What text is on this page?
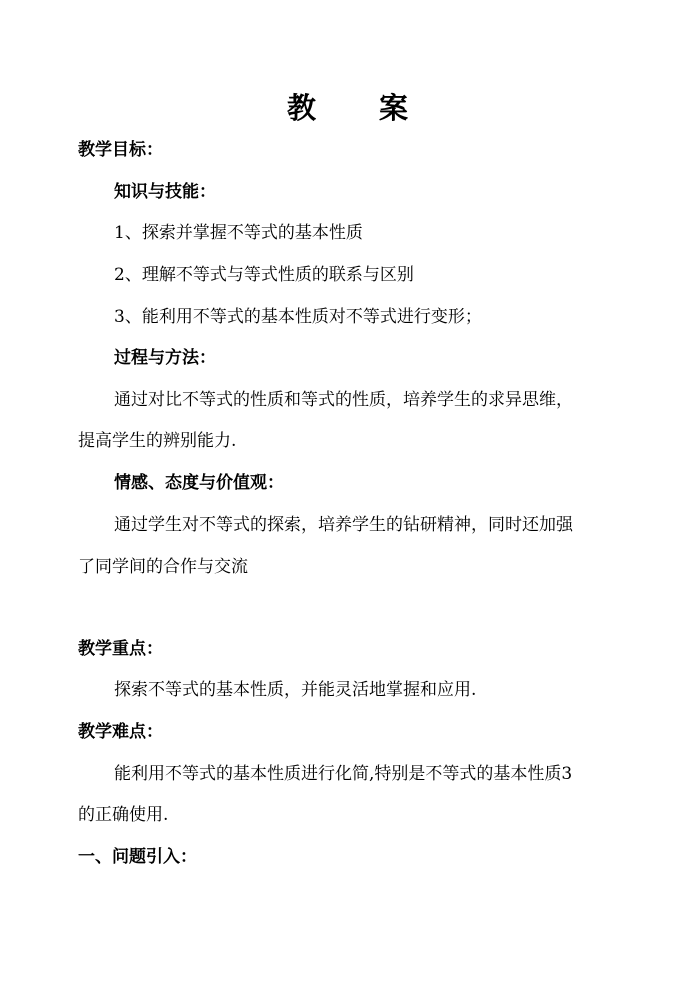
教 案
教学目标：
知识与技能：
1、探索并掌握不等式的基本性质
2、理解不等式与等式性质的联系与区别
3、能利用不等式的基本性质对不等式进行变形；
过程与方法：
通过对比不等式的性质和等式的性质，培养学生的求异思维，
提高学生的辨别能力.
情感、态度与价值观：
通过学生对不等式的探索，培养学生的钻研精神，同时还加强
了同学间的合作与交流
教学重点：
探索不等式的基本性质，并能灵活地掌握和应用.
教学难点：
能利用不等式的基本性质进行化简,特别是不等式的基本性质3
的正确使用.
一、问题引入：
